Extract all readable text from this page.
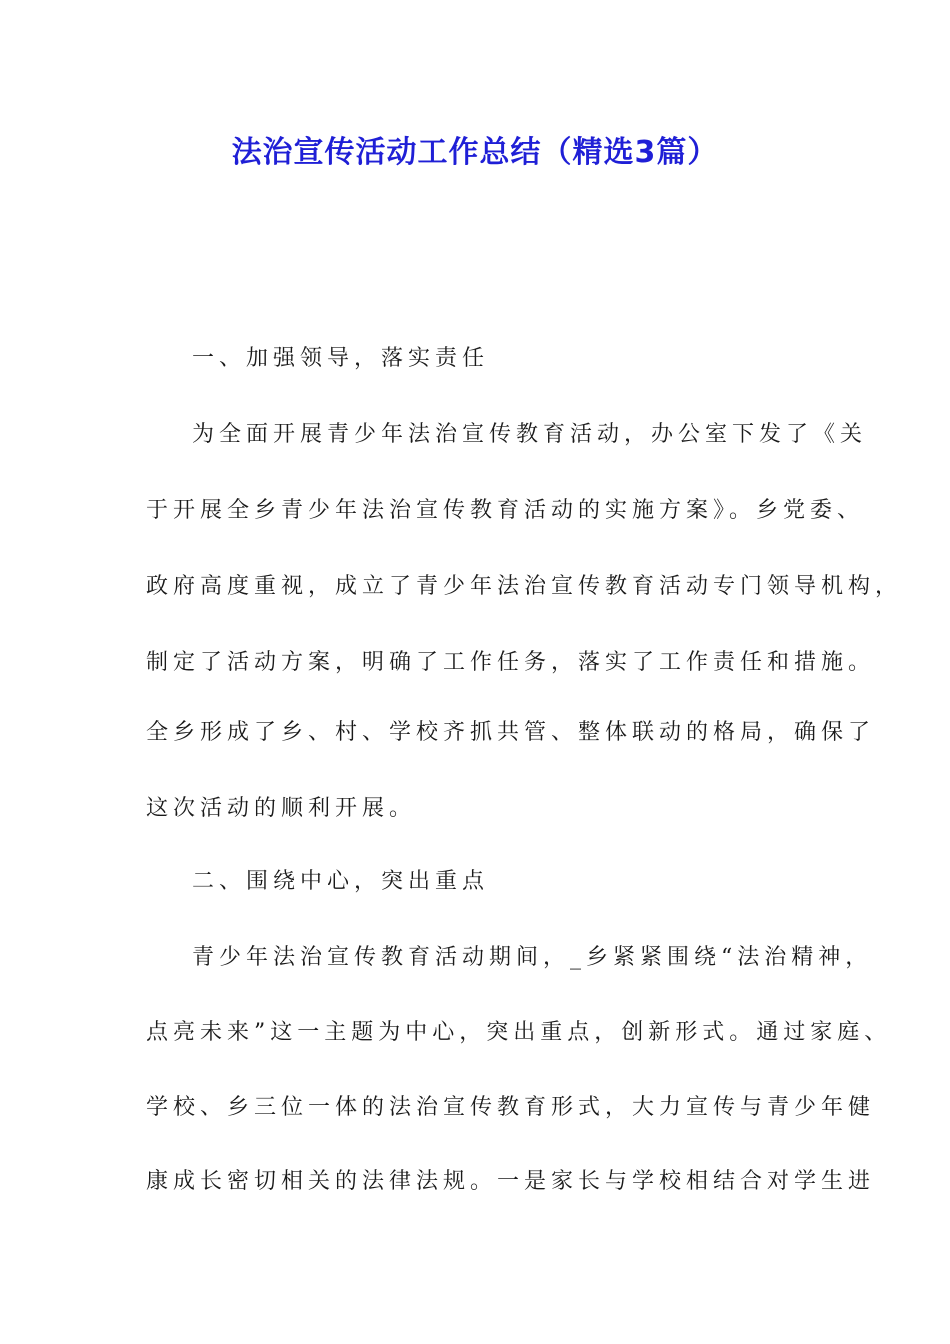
法治宣传活动工作总结（精选3篇）
一、加强领导，落实责任
为全面开展青少年法治宣传教育活动，办公室下发了《关
于开展全乡青少年法治宣传教育活动的实施方案》。乡党委、
政府高度重视，成立了青少年法治宣传教育活动专门领导机构，
制定了活动方案，明确了工作任务，落实了工作责任和措施。
全乡形成了乡、村、学校齐抓共管、整体联动的格局，确保了
这次活动的顺利开展。
二、围绕中心，突出重点
青少年法治宣传教育活动期间，_乡紧紧围绕“法治精神，
点亮未来”这一主题为中心，突出重点，创新形式。通过家庭、
学校、乡三位一体的法治宣传教育形式，大力宣传与青少年健
康成长密切相关的法律法规。一是家长与学校相结合对学生进
